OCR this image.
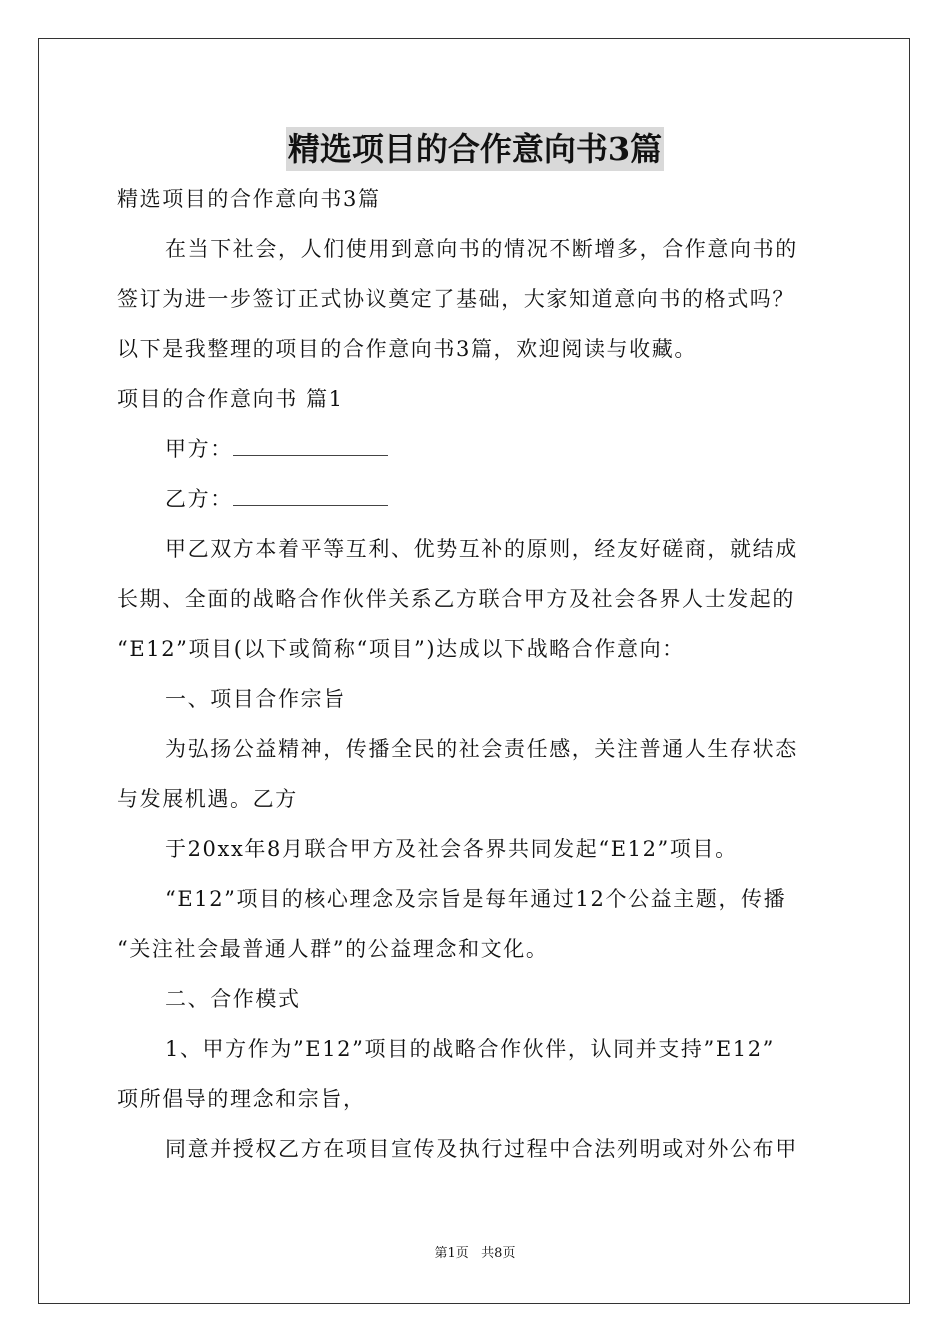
精选项目的合作意向书3篇
精选项目的合作意向书3篇
在当下社会，人们使用到意向书的情况不断增多，合作意向书的
签订为进一步签订正式协议奠定了基础，大家知道意向书的格式吗？
以下是我整理的项目的合作意向书3篇，欢迎阅读与收藏。
项目的合作意向书 篇1
甲方：
乙方：
甲乙双方本着平等互利、优势互补的原则，经友好磋商，就结成
长期、全面的战略合作伙伴关系乙方联合甲方及社会各界人士发起的
“E12”项目(以下或简称“项目”)达成以下战略合作意向：
一、项目合作宗旨
为弘扬公益精神，传播全民的社会责任感，关注普通人生存状态
与发展机遇。乙方
于20xx年8月联合甲方及社会各界共同发起“E12”项目。
“E12”项目的核心理念及宗旨是每年通过12个公益主题，传播
“关注社会最普通人群”的公益理念和文化。
二、合作模式
1、甲方作为”E12”项目的战略合作伙伴，认同并支持”E12”
项所倡导的理念和宗旨，
同意并授权乙方在项目宣传及执行过程中合法列明或对外公布甲
第1页   共8页
